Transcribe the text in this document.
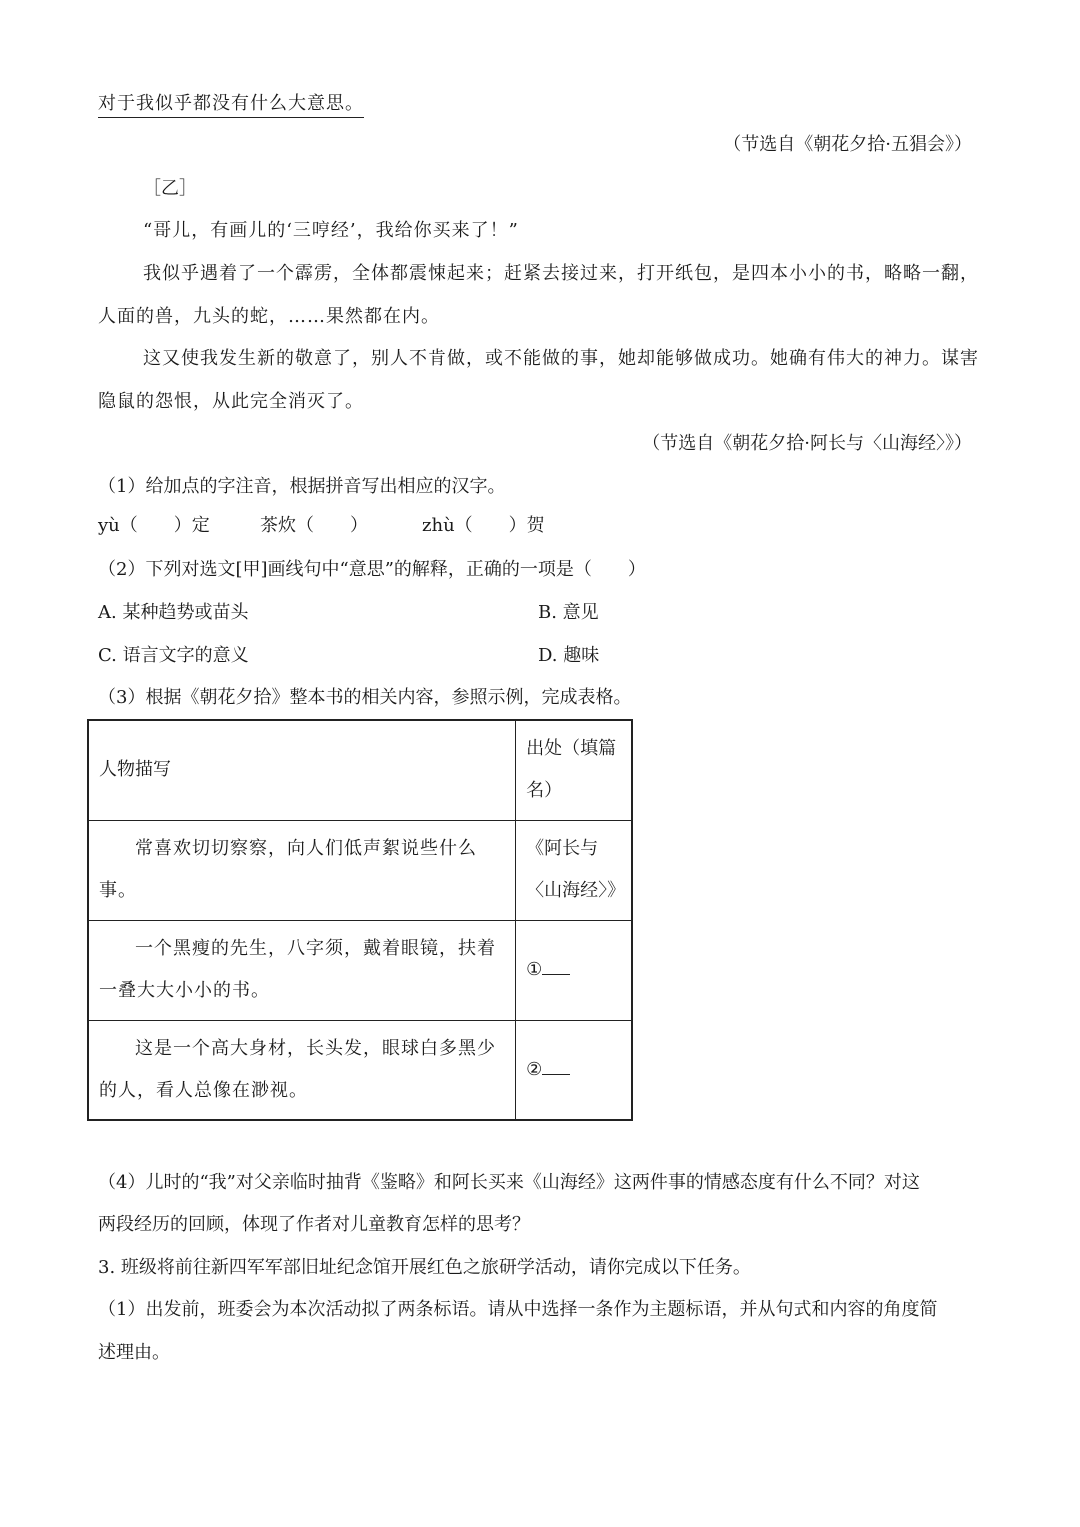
对于我似乎都没有什么大意思。
（节选自《朝花夕拾·五猖会》）
［乙］
“哥儿，有画儿的‘三哼经’，我给你买来了！”
我似乎遇着了一个霹雳，全体都震悚起来；赶紧去接过来，打开纸包，是四本小小的书，略略一翻，
人面的兽，九头的蛇，……果然都在内。
这又使我发生新的敬意了，别人不肯做，或不能做的事，她却能够做成功。她确有伟大的神力。谋害
隐鼠的怨恨，从此完全消灭了。
（节选自《朝花夕拾·阿长与〈山海经〉》）
（1）给加点的字注音，根据拼音写出相应的汉字。
yù（　　）定	茶炊（　　）	zhù（　　）贺
（2）下列对选文[甲]画线句中“意思”的解释，正确的一项是（　　）
A. 某种趋势或苗头	B. 意见
C. 语言文字的意义	D. 趣味
（3）根据《朝花夕拾》整本书的相关内容，参照示例，完成表格。
人物描写	出处（填篇
名）

常喜欢切切察察，向人们低声絮说些什么事。	《阿长与
〈山海经〉》

一个黑瘦的先生，八字须，戴着眼镜，扶着
一叠大大小小的书。	①

这是一个高大身材，长头发，眼球白多黑少
的人，看人总像在渺视。	②
（4）儿时的“我”对父亲临时抽背《鉴略》和阿长买来《山海经》这两件事的情感态度有什么不同？对这
两段经历的回顾，体现了作者对儿童教育怎样的思考？
3. 班级将前往新四军军部旧址纪念馆开展红色之旅研学活动，请你完成以下任务。
（1）出发前，班委会为本次活动拟了两条标语。请从中选择一条作为主题标语，并从句式和内容的角度简
述理由。
